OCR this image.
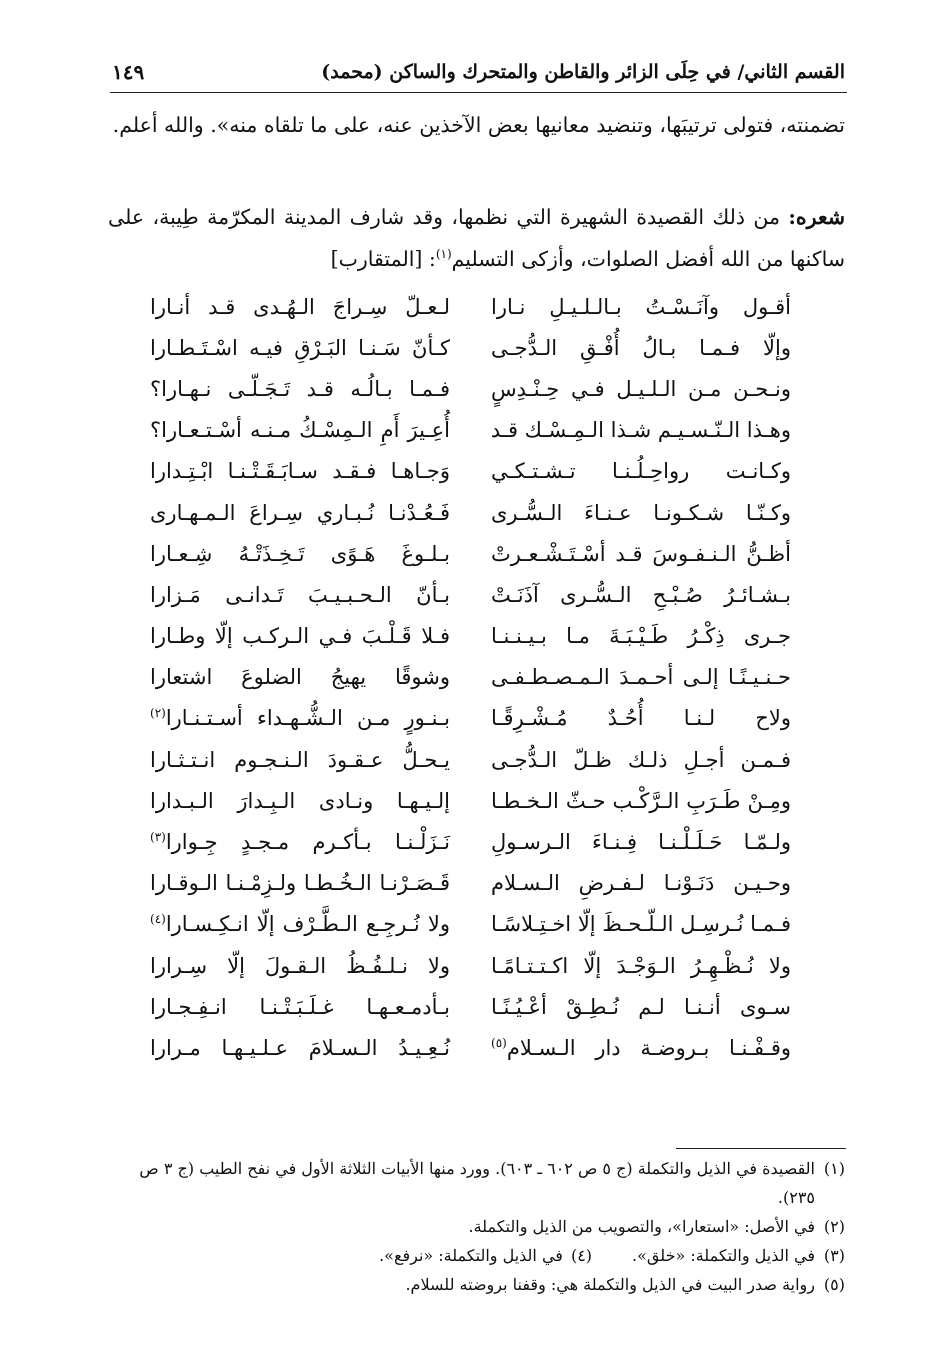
القسم الثاني/ في حِلَى الزائر والقاطن والمتحرك والساكن (محمد)
١٤٩
تضمنته، فتولى ترتيبَها، وتنضيد معانيها بعض الآخذين عنه، على ما تلقاه منه». والله أعلم.
شعره: من ذلك القصيدة الشهيرة التي نظمها، وقد شارف المدينة المكرّمة طِيبة، على ساكنها من الله أفضل الصلوات، وأزكى التسليم$^{(١)}$: [المتقارب]
أقـول وآنَـسْـتُ بـالـلـيـلِ نـارا
لـعـلّ سِـراجَ الـهُـدى قـد أنـارا
وإلّا فـمـا بـالُ أُفْـقِ الـدُّجـى
كـأنّ سَـنـا البَـرْقِ فيـه اسْـتَـطـارا
ونـحـن مـن الـلـيـل فـي حِـنْـدِسٍ
فـمـا بـالُـه قـد تَـجَـلّـى نـهـارا؟
وهـذا الـنّـسـيـم شـذا الـمِـسْـك قـد
أُعِـيرَ أَمِ الـمِسْـكُ مـنـه أسْـتـعـارا؟
وكـانـت رواحِـلُـنـا تـشـتـكـي
وَجـاهـا فـقـد سـابَـقَـتْـنـا ابْـتِـدارا
وكـنّـا شـكـونـا عـنـاءَ الـسُّـرى
فَـعُـدْنـا نُـبـاري سِـراعَ الـمـهـارى
أظـنُّ الـنـفـوسَ قـد أسْـتَـشْـعـرتْ
بـلـوغَ هَـوًى تَـخِـذَتْـهُ شِـعـارا
بـشـائـرُ صُـبْـحِ الـسُّـرى آذَنَـتْ
بـأنّ الـحـبـيـبَ تَـدانـى مَـزارا
جـرى ذِكْـرُ طَـيْـبَـةَ مـا بـيـنـنـا
فـلا قَـلْـبَ فـي الـركـب إلّا وطـارا
حـنـيـنًـا إلـى أحـمـدَ الـمـصـطـفـى
وشوقًا يهيجُ الضلوعَ اشتعارا
ولاح لـنـا أُحُـدٌ مُـشْـرِقًـا
بـنـورٍ مـن الـشُّـهـداء أسـتـنـارا$^{(٢)}$
فـمـن أجـلِ ذلـك ظـلّ الـدُّجـى
يـحـلُّ عـقـودَ الـنـجـوم انـتـثـارا
ومِـنْ طَـرَبِ الـرَّكْـب حـثّ الـخـطـا
إلـيـهـا ونـادى الـبِـدارَ الـبـدارا
ولـمّـا حَـلَـلْـنـا فِـنـاءَ الـرسـولِ
نَـزَلْـنـا بـأكـرم مـجـدٍ جِـوارا$^{(٣)}$
وحـيـن دَنَـوْنـا لـفـرضِ الـسـلام
قَـصَـرْنـا الـخُـطـا ولـزِمْـنـا الـوقـارا
فـمـا نُـرسِـل الـلّـحـظَ إلّا اخـتِـلاسًـا
ولا نُـرجِـع الـطَّـرْف إلّا انـكِـسـارا$^{(٤)}$
ولا نُـظْـهِـرُ الـوَجْـدَ إلّا اكـتـتـامًـا
ولا نـلـفُـظُ الـقـولَ إلّا سِـرارا
سـوى أنـنـا لـم نُـطِـقْ أعْـيُـنًـا
بـأدمـعـهـا غـلَـبَـتْـنـا انـفِـجـارا
وقـفْـنـا بـروضـة دار الـسـلام$^{(٥)}$
نُـعِـيـدُ الـسـلامَ عـلـيـهـا مـرارا
(١)
القصيدة في الذيل والتكملة (ج ٥ ص ٦٠٢ ـ ٦٠٣). وورد منها الأبيات الثلاثة الأول في نفح الطيب (ج ٣ ص ٢٣٥).
(٢)
في الأصل: «استعارا»، والتصويب من الذيل والتكملة.
(٣)
في الذيل والتكملة: «خلق».
(٤)
في الذيل والتكملة: «نرفع».
(٥)
رواية صدر البيت في الذيل والتكملة هي: وقفنا بروضته للسلام.
